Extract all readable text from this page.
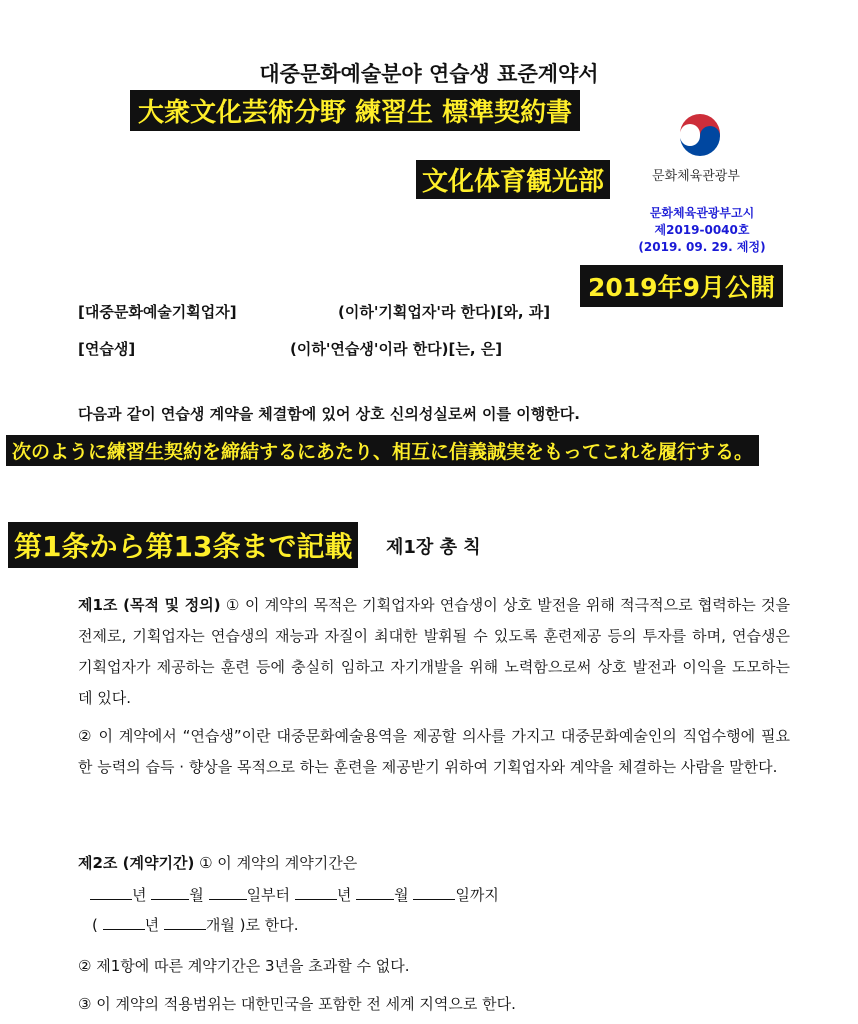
대중문화예술분야 연습생 표준계약서
大衆文化芸術分野 練習生 標準契約書
文化体育観光部	문화체육관광부
문화체육관광부고시
제2019-0040호
(2019. 09. 29. 제정)
2019年9月公開
[대중문화예술기획업자]	(이하'기획업자'라 한다)[와, 과]
[연습생]	(이하'연습생'이라 한다)[는, 은]
다음과 같이 연습생 계약을 체결함에 있어 상호 신의성실로써 이를 이행한다.
次のように練習生契約を締結するにあたり、相互に信義誠実をもってこれを履行する。
第1条から第13条まで記載	제1장 총 칙

제1조 (목적 및 정의) ① 이 계약의 목적은 기획업자와 연습생이 상호 발전을 위해 적극적으로 협력하는 것을 전제로, 기획업자는 연습생의 재능과 자질이 최대한 발휘될 수 있도록 훈련제공 등의 투자를 하며, 연습생은 기획업자가 제공하는 훈련 등에 충실히 임하고 자기개발을 위해 노력함으로써 상호 발전과 이익을 도모하는 데 있다.

② 이 계약에서 “연습생”이란 대중문화예술용역을 제공할 의사를 가지고 대중문화예술인의 직업수행에 필요한 능력의 습득 · 향상을 목적으로 하는 훈련을 제공받기 위하여 기획업자와 계약을 체결하는 사람을 말한다.

제2조 (계약기간) ① 이 계약의 계약기간은
년	월	일부터	년	월	일까지
(	년	개월 )로 한다.
② 제1항에 따른 계약기간은 3년을 초과할 수 없다.
③ 이 계약의 적용범위는 대한민국을 포함한 전 세계 지역으로 한다.
